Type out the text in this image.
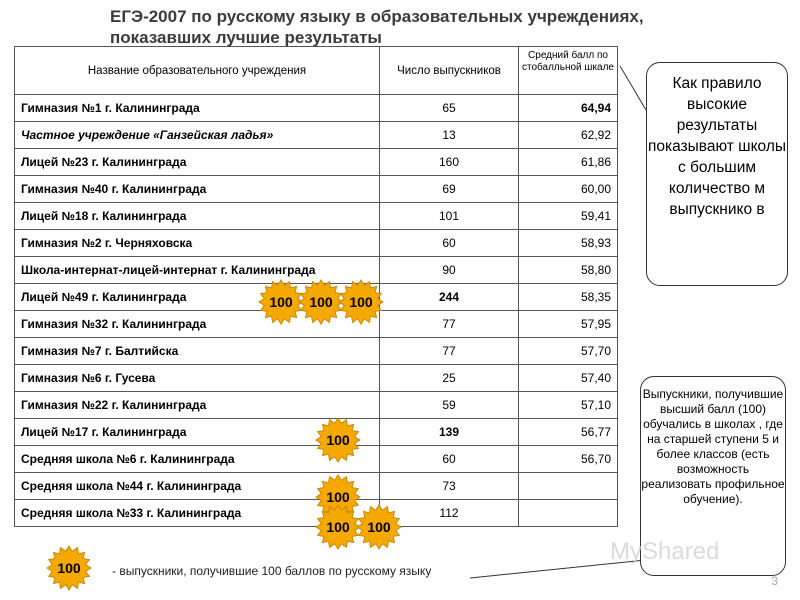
ЕГЭ-2007 по русскому языку в образовательных учреждениях,
показавших лучшие результаты
Название образовательного учреждения	Число выпускников	Средний балл по стобалльной шкале
Гимназия №1 г. Калининграда	65	64,94
Частное учреждение «Ганзейская ладья»	13	62,92
Лицей №23 г. Калининграда	160	61,86
Гимназия №40 г. Калининграда	69	60,00
Лицей №18 г. Калининграда	101	59,41
Гимназия №2 г. Черняховска	60	58,93
Школа-интернат-лицей-интернат г. Калининграда	90	58,80
Лицей №49 г. Калининграда	244	58,35
Гимназия №32 г. Калининграда	77	57,95
Гимназия №7 г. Балтийска	77	57,70
Гимназия №6 г. Гусева	25	57,40
Гимназия №22 г. Калининграда	59	57,10
Лицей №17 г. Калининграда	139	56,77
Средняя школа №6 г. Калининграда	60	56,70
Средняя школа №44 г. Калининграда	73	
Средняя школа №33 г. Калининграда	112	
100	100	100
100
100
100	100
100
Как правило высокие результаты показывают школы с большим количество м выпускнико в
Выпускники, получившие высший балл (100) обучались в школах , где на старшей ступени 5 и более классов (есть возможность реализовать профильное обучение).
MyShared
- выпускники, получившие 100 баллов по русскому языку
3
